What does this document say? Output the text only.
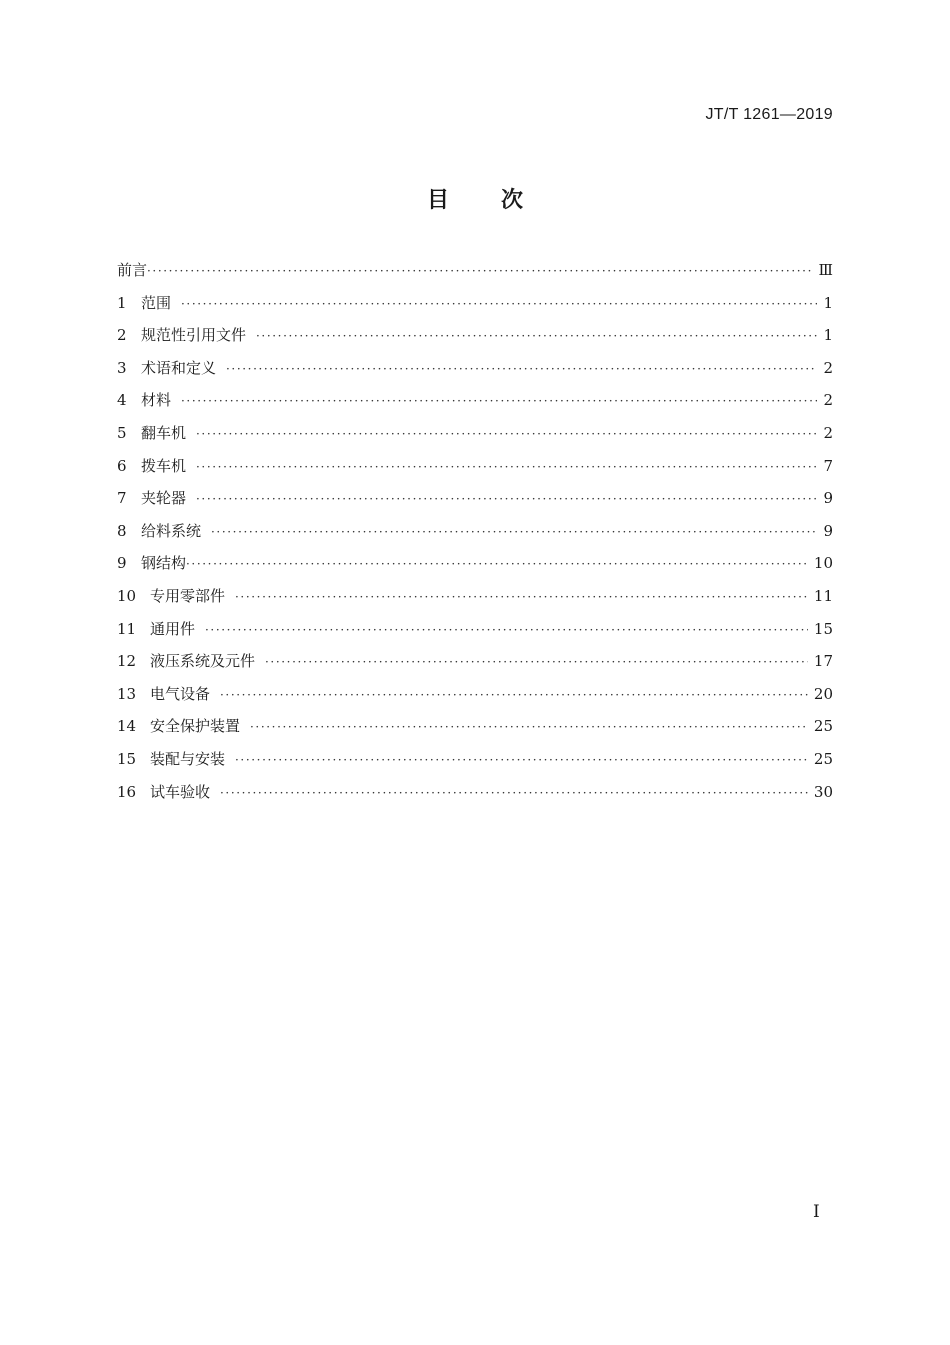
JT/T 1261—2019
目 次
前言 ·····	Ⅲ
1 范围 ·····	1
2 规范性引用文件 ·····	1
3 术语和定义 ·····	2
4 材料 ·····	2
5 翻车机 ·····	2
6 拨车机 ·····	7
7 夹轮器 ·····	9
8 给料系统 ·····	9
9 钢结构 ·····	10
10 专用零部件 ·····	11
11 通用件 ·····	15
12 液压系统及元件 ·····	17
13 电气设备 ·····	20
14 安全保护装置 ·····	25
15 装配与安装 ·····	25
16 试车验收 ·····	30
I
